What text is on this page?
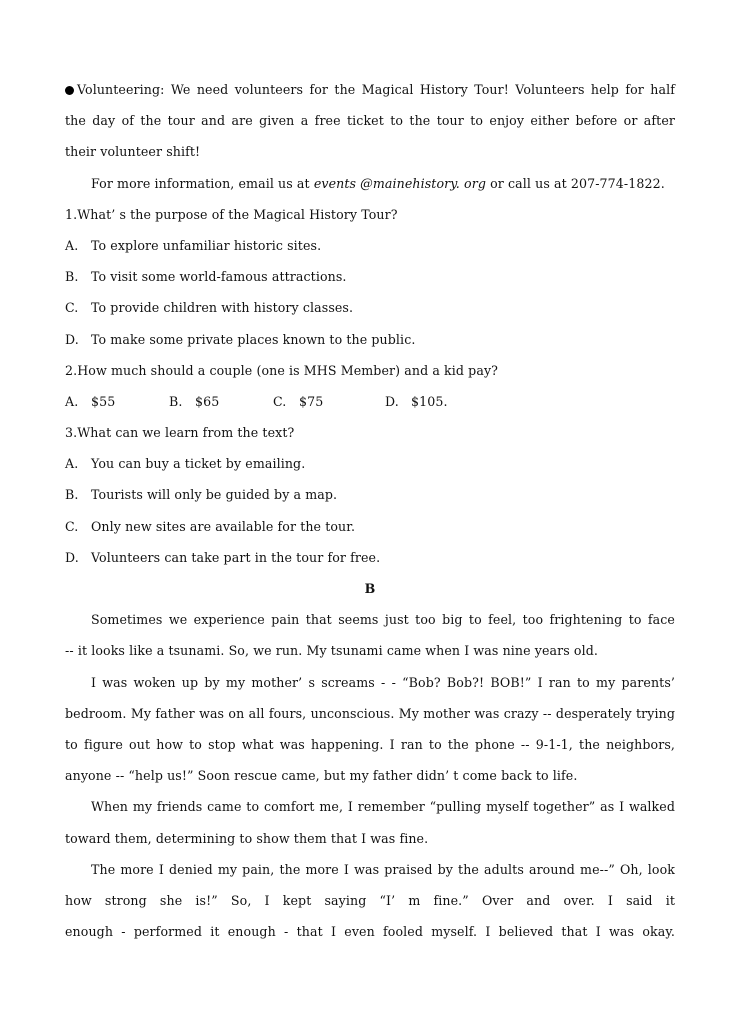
Volunteering: We need volunteers for the Magical History Tour! Volunteers help for half
the day of the tour and are given a free ticket to the tour to enjoy either before or after
their volunteer shift!
For more information, email us at events @mainehistory. org or call us at 207-774-1822.
1.What’ s the purpose of the Magical History Tour?
A. To explore unfamiliar historic sites.
B. To visit some world-famous attractions.
C. To provide children with history classes.
D. To make some private places known to the public.
2.How much should a couple (one is MHS Member) and a kid pay?
A. $55	B. $65	C. $75	D. $105.
3.What can we learn from the text?
A. You can buy a ticket by emailing.
B. Tourists will only be guided by a map.
C. Only new sites are available for the tour.
D. Volunteers can take part in the tour for free.
B
Sometimes we experience pain that seems just too big to feel, too frightening to face
-- it looks like a tsunami. So, we run. My tsunami came when I was nine years old.
I was woken up by my mother’ s screams - - “Bob? Bob?! BOB!” I ran to my parents’
bedroom. My father was on all fours, unconscious. My mother was crazy -- desperately trying
to figure out how to stop what was happening. I ran to the phone -- 9-1-1, the neighbors,
anyone -- “help us!” Soon rescue came, but my father didn’ t come back to life.
When my friends came to comfort me, I remember “pulling myself together” as I walked
toward them, determining to show them that I was fine.
The more I denied my pain, the more I was praised by the adults around me--” Oh, look
how strong she is!” So, I kept saying “I’ m fine.” Over and over. I said it
enough - performed it enough - that I even fooled myself. I believed that I was okay.
